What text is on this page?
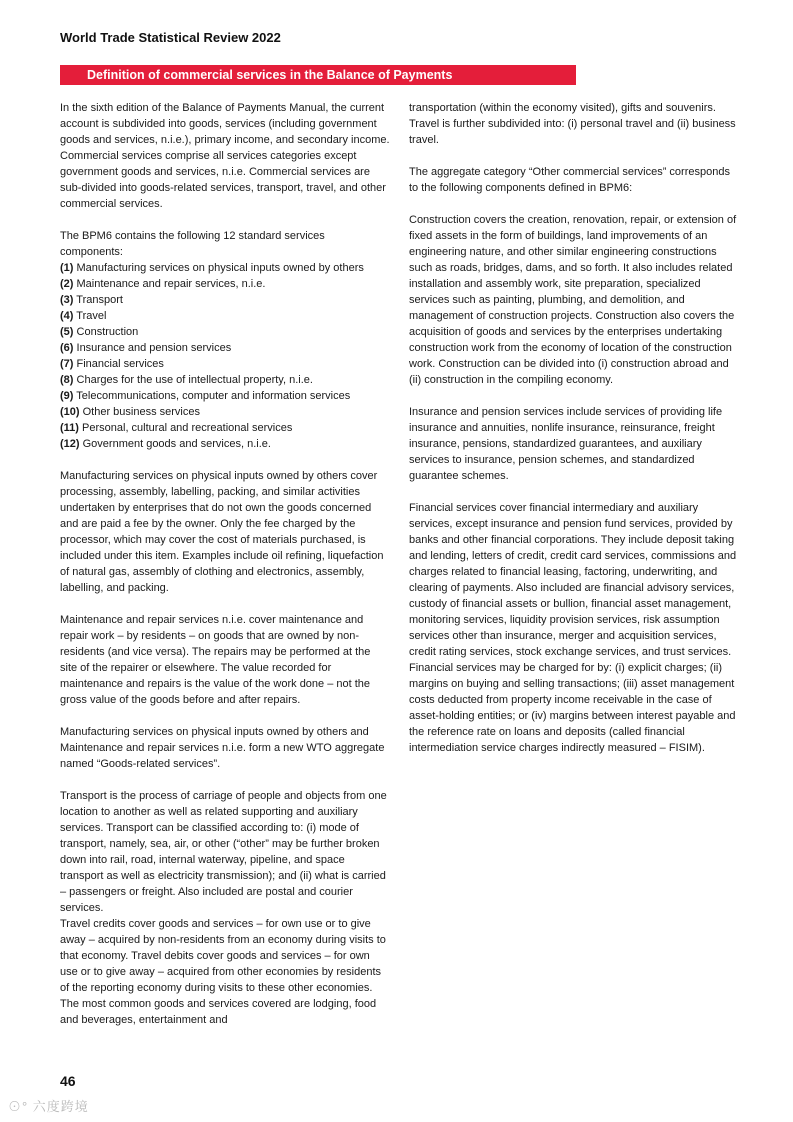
World Trade Statistical Review 2022
Definition of commercial services in the Balance of Payments

In the sixth edition of the Balance of Payments Manual, the current account is subdivided into goods, services (including government goods and services, n.i.e.), primary income, and secondary income. Commercial services comprise all services categories except government goods and services, n.i.e. Commercial services are sub-divided into goods-related services, transport, travel, and other commercial services.

The BPM6 contains the following 12 standard services components:

(1) Manufacturing services on physical inputs owned by others
(2) Maintenance and repair services, n.i.e.
(3) Transport
(4) Travel
(5) Construction
(6) Insurance and pension services
(7) Financial services
(8) Charges for the use of intellectual property, n.i.e.
(9) Telecommunications, computer and information services
(10) Other business services
(11) Personal, cultural and recreational services
(12) Government goods and services, n.i.e.

Manufacturing services on physical inputs owned by others cover processing, assembly, labelling, packing, and similar activities undertaken by enterprises that do not own the goods concerned and are paid a fee by the owner. Only the fee charged by the processor, which may cover the cost of materials purchased, is included under this item. Examples include oil refining, liquefaction of natural gas, assembly of clothing and electronics, assembly, labelling, and packing.

Maintenance and repair services n.i.e. cover maintenance and repair work – by residents – on goods that are owned by non-residents (and vice versa). The repairs may be performed at the site of the repairer or elsewhere. The value recorded for maintenance and repairs is the value of the work done – not the gross value of the goods before and after repairs.

Manufacturing services on physical inputs owned by others and Maintenance and repair services n.i.e. form a new WTO aggregate named “Goods-related services”.

Transport is the process of carriage of people and objects from one location to another as well as related supporting and auxiliary services. Transport can be classified according to: (i) mode of transport, namely, sea, air, or other (“other” may be further broken down into rail, road, internal waterway, pipeline, and space transport as well as electricity transmission); and (ii) what is carried – passengers or freight. Also included are postal and courier services.

Travel credits cover goods and services – for own use or to give away – acquired by non-residents from an economy during visits to that economy. Travel debits cover goods and services – for own use or to give away – acquired from other economies by residents of the reporting economy during visits to these other economies. The most common goods and services covered are lodging, food and beverages, entertainment and

transportation (within the economy visited), gifts and souvenirs. Travel is further subdivided into: (i) personal travel and (ii) business travel.

The aggregate category “Other commercial services” corresponds to the following components defined in BPM6:

Construction covers the creation, renovation, repair, or extension of fixed assets in the form of buildings, land improvements of an engineering nature, and other similar engineering constructions such as roads, bridges, dams, and so forth. It also includes related installation and assembly work, site preparation, specialized services such as painting, plumbing, and demolition, and management of construction projects. Construction also covers the acquisition of goods and services by the enterprises undertaking construction work from the economy of location of the construction work. Construction can be divided into (i) construction abroad and (ii) construction in the compiling economy.

Insurance and pension services include services of providing life insurance and annuities, nonlife insurance, reinsurance, freight insurance, pensions, standardized guarantees, and auxiliary services to insurance, pension schemes, and standardized guarantee schemes.

Financial services cover financial intermediary and auxiliary services, except insurance and pension fund services, provided by banks and other financial corporations. They include deposit taking and lending, letters of credit, credit card services, commissions and charges related to financial leasing, factoring, underwriting, and clearing of payments. Also included are financial advisory services, custody of financial assets or bullion, financial asset management, monitoring services, liquidity provision services, risk assumption services other than insurance, merger and acquisition services, credit rating services, stock exchange services, and trust services. Financial services may be charged for by: (i) explicit charges; (ii) margins on buying and selling transactions; (iii) asset management costs deducted from property income receivable in the case of asset-holding entities; or (iv) margins between interest payable and the reference rate on loans and deposits (called financial intermediation service charges indirectly measured – FISIM).

46
⊙° 六度跨境
